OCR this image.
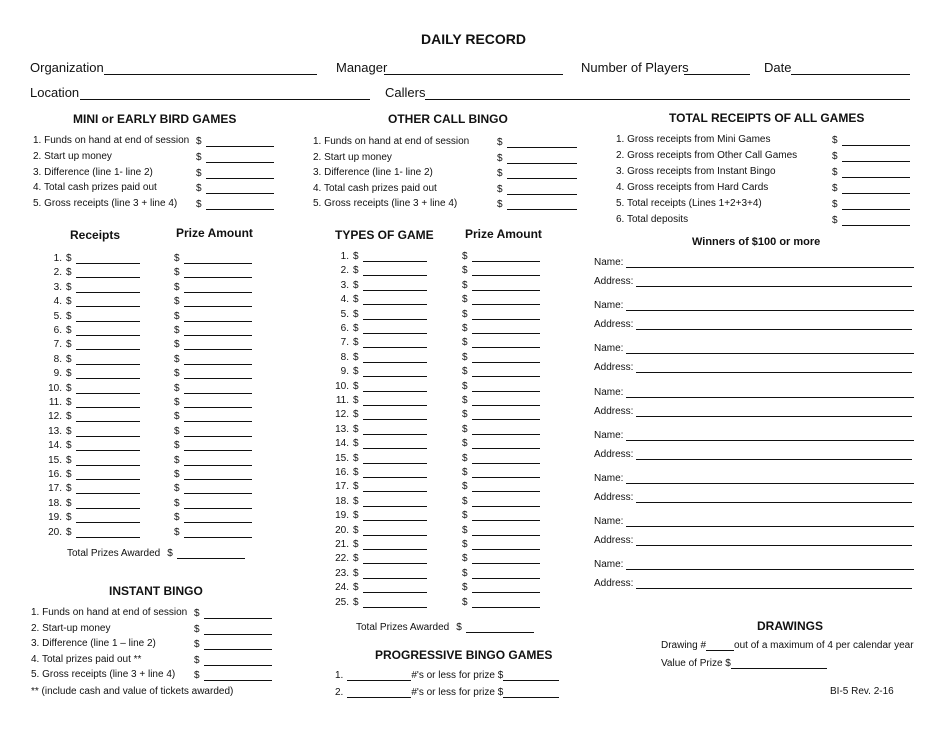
DAILY RECORD
Organization	Manager	Number of Players	Date
Location	Callers
MINI or EARLY BIRD GAMES	OTHER CALL BINGO	TOTAL RECEIPTS OF ALL GAMES
1. Funds on hand at end of session $
2. Start up money	$
3. Difference (line 1- line 2)	$
4. Total cash prizes paid out	$
5. Gross receipts (line 3 + line 4) $
1. Funds on hand at end of session	$
2. Start up money	$
3. Difference (line 1- line 2)	$
4. Total cash prizes paid out	$
5. Gross receipts (line 3 + line 4)	$
1. Gross receipts from Mini Games	$
2. Gross receipts from Other Call Games	$
3. Gross receipts from Instant Bingo	$
4. Gross receipts from Hard Cards	$
5. Total receipts (Lines 1+2+3+4)	$
6. Total deposits	$
Receipts	Prize Amount	TYPES OF GAME	Prize Amount
1. $	$
2. $	$
3. $	$
4. $	$
5. $	$
6. $	$
7. $	$
8. $	$
9. $	$
10. $	$
11. $	$
12. $	$
13. $	$
14. $	$
15. $	$
16. $	$
17. $	$
18. $	$
19. $	$
20. $	$
1. $	$
2. $	$
3. $	$
4. $	$
5. $	$
6. $	$
7. $	$
8. $	$
9. $	$
10. $	$
11. $	$
12. $	$
13. $	$
14. $	$
15. $	$
16. $	$
17. $	$
18. $	$
19. $	$
20. $	$
21. $	$
22. $	$
23. $	$
24. $	$
25. $	$
Total Prizes Awarded $
Total Prizes Awarded $
INSTANT BINGO
1. Funds on hand at end of session $
2. Start-up money	$
3. Difference (line 1 – line 2)	$
4. Total prizes paid out **	$
5. Gross receipts (line 3 + line 4) $
** (include cash and value of tickets awarded)
PROGRESSIVE BINGO GAMES
1.	#'s or less for prize $
2.	#'s or less for prize $
Winners of $100 or more
Name:
Address:
Name:
Address:
Name:
Address:
Name:
Address:
Name:
Address:
Name:
Address:
Name:
Address:
Name:
Address:
DRAWINGS
Drawing #	out of a maximum of 4 per calendar year
Value of Prize $
BI-5 Rev. 2-16
